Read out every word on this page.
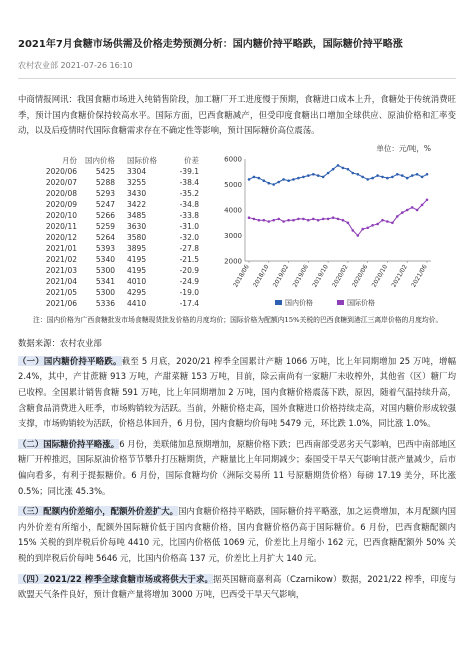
2021年7月食糖市场供需及价格走势预测分析：国内糖价持平略跌，国际糖价持平略涨
农村农业部 2021-07-26 16:10

中商情报网讯：我国食糖市场进入纯销售阶段，加工糖厂开工进度慢于预期，食糖进口成本上升，食糖处于传统消费旺季，预计国内食糖价保持较高水平。国际方面，巴西食糖减产，但受印度食糖出口增加全球供应、原油价格和汇率变动，以及后疫情时代国际食糖需求存在不确定性等影响，预计国际糖价高位震荡。

月份	国内价格	国际价格	价差
2020/06	5425	3304	-39.1
2020/07	5288	3255	-38.4
2020/08	5293	3430	-35.2
2020/09	5247	3422	-34.8
2020/10	5266	3485	-33.8
2020/11	5259	3630	-31.0
2020/12	5264	3580	-32.0
2021/01	5393	3895	-27.8
2021/02	5340	4195	-21.5
2021/03	5300	4195	-20.9
2021/04	5341	4010	-24.9
2021/05	5300	4295	-19.0
2021/06	5336	4410	-17.4
单位：元/吨，%
2000
3000
4000
5000
6000
2018/06 2018/10 2019/02 2019/06 2019/10 2020/02 2020/06 2020/10 2021/02 2021/06
国内价格	国际价格
注：国内价格为广西食糖批发市场食糖现货批发价格的月度均价；国际价格为配额内15%关税的巴西食糖到港江三离岸价格的月度均价。
数据来源：农村农业部

（一）国内糖价持平略跌。截至 5 月底，2020/21 榨季全国累计产糖 1066 万吨，比上年同期增加 25 万吨，增幅 2.4%，其中，产甘蔗糖 913 万吨，产甜菜糖 153 万吨，目前，除云南尚有一家糖厂未收榨外，其他省（区）糖厂均已收榨。全国累计销售食糖 591 万吨，比上年同期增加 2 万吨，国内食糖价格震荡下跌，原因，随着气温持续升高，含糖食品消费进入旺季，市场购销较为活跃。当前，外糖价格走高，国外食糖进口价格持续走高，对国内糖价形成较强支撑，市场购销较为活跃，价格总体回升，6 月份，国内食糖均价每吨 5479 元，环比跌 1.0%，同比涨 1.0%。

（二）国际糖价持平略涨。6 月份，美联储加息预期增加，原糖价格下跌；巴西南部受恶劣天气影响，巴西中南部地区糖厂开榨推迟，国际原油价格节节攀升打压糖期货，产糖量比上年同期减少；泰国受干旱天气影响甘蔗产量减少，后市偏向看多，有利于提振糖价。6 月份，国际食糖均价（洲际交易所 11 号原糖期货价格）每磅 17.19 美分，环比涨 0.5%；同比涨 45.3%。

（三）配额内价差缩小，配额外价差扩大。国内食糖价格持平略跌，国际糖价持平略涨，加之运费增加，本月配额内国内外价差有所缩小，配额外国际糖价低于国内食糖价格，国内食糖价格仍高于国际糖价。6 月份，巴西食糖配额内 15% 关税的到岸税后价每吨 4410 元，比国内价格低 1069 元，价差比上月缩小 162 元，巴西食糖配额外 50% 关税的到岸税后价每吨 5646 元，比国内价格高 137 元，价差比上月扩大 140 元。

（四）2021/22 榨季全球食糖市场或将供大于求。据英国糖商嘉利高（Czarnikow）数据，2021/22 榨季，印度与欧盟天气条件良好，预计食糖产量将增加 3000 万吨，巴西受干旱天气影响，
